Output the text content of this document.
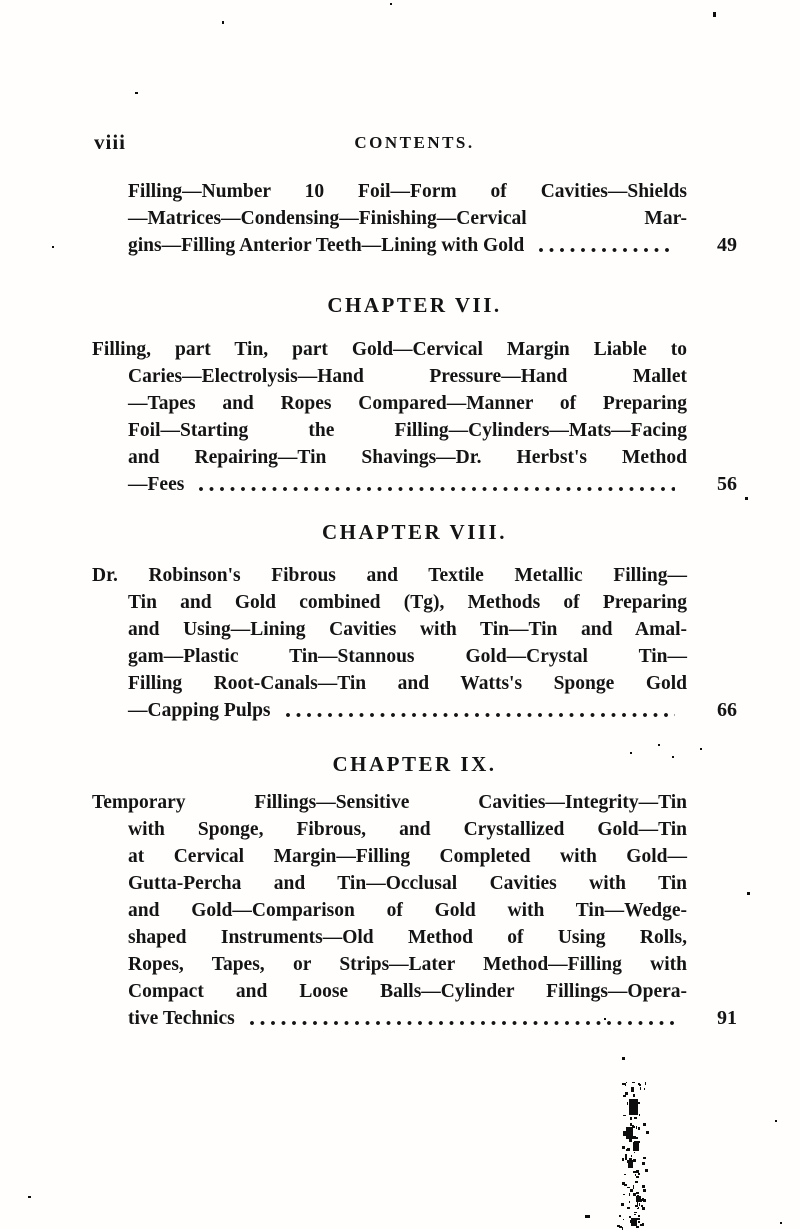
viii	CONTENTS.
Filling—Number 10 Foil—Form of Cavities—Shields
—Matrices—Condensing—Finishing—Cervical Mar-
gins—Filling Anterior Teeth—Lining with Gold	49
CHAPTER VII.
Filling, part Tin, part Gold—Cervical Margin Liable to
Caries—Electrolysis—Hand Pressure—Hand Mallet
—Tapes and Ropes Compared—Manner of Preparing
Foil—Starting the Filling—Cylinders—Mats—Facing
and Repairing—Tin Shavings—Dr. Herbst's Method
—Fees	56
CHAPTER VIII.
Dr. Robinson's Fibrous and Textile Metallic Filling—
Tin and Gold combined (Tg), Methods of Preparing
and Using—Lining Cavities with Tin—Tin and Amal-
gam—Plastic Tin—Stannous Gold—Crystal Tin—
Filling Root-Canals—Tin and Watts's Sponge Gold
—Capping Pulps	66
CHAPTER IX.
Temporary Fillings—Sensitive Cavities—Integrity—Tin
with Sponge, Fibrous, and Crystallized Gold—Tin
at Cervical Margin—Filling Completed with Gold—
Gutta-Percha and Tin—Occlusal Cavities with Tin
and Gold—Comparison of Gold with Tin—Wedge-
shaped Instruments—Old Method of Using Rolls,
Ropes, Tapes, or Strips—Later Method—Filling with
Compact and Loose Balls—Cylinder Fillings—Opera-
tive Technics	91
